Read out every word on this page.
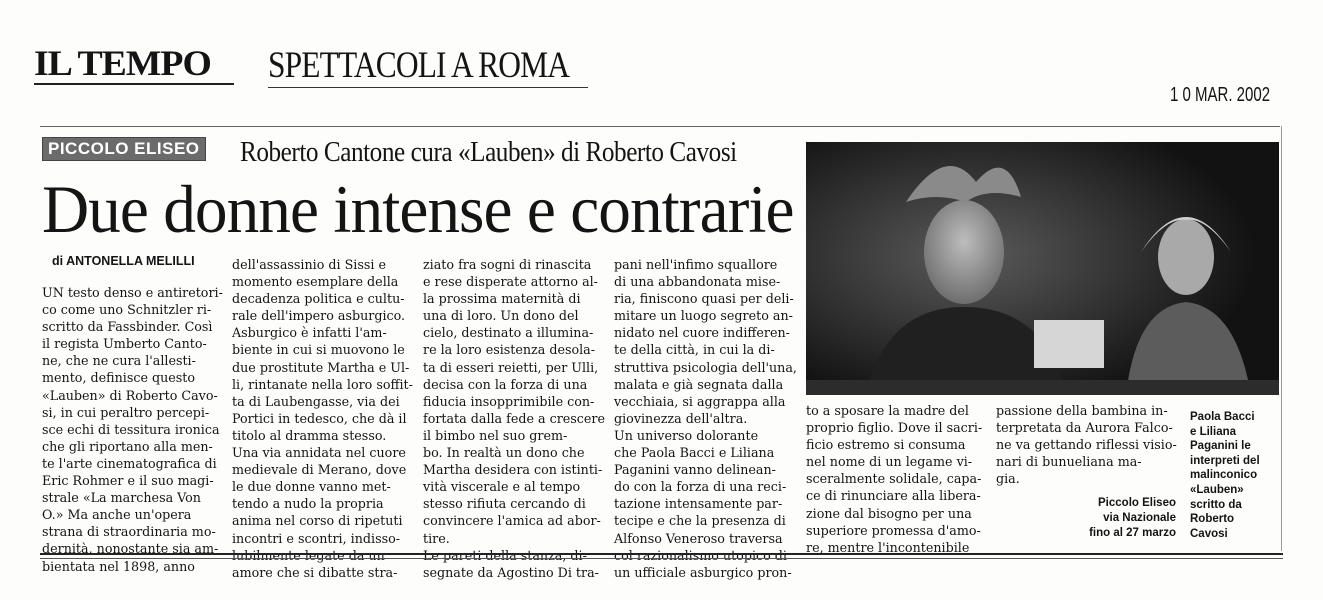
IL TEMPO SPETTACOLI A ROMA
1 0 MAR. 2002
PICCOLO ELISEO Roberto Cantone cura «Lauben» di Roberto Cavosi
Due donne intense e contrarie
di ANTONELLA MELILLI
UN testo denso e antiretori-
co come uno Schnitzler ri-
scritto da Fassbinder. Così
il regista Umberto Canto-
ne, che ne cura l'allesti-
mento, definisce questo
«Lauben» di Roberto Cavo-
si, in cui peraltro percepi-
sce echi di tessitura ironica
che gli riportano alla men-
te l'arte cinematografica di
Eric Rohmer e il suo magi-
strale «La marchesa Von
O.» Ma anche un'opera
strana di straordinaria mo-
dernità, nonostante sia am-
bientata nel 1898, anno
dell'assassinio di Sissi e
momento esemplare della
decadenza politica e cultu-
rale dell'impero asburgico.
Asburgico è infatti l'am-
biente in cui si muovono le
due prostitute Martha e Ul-
li, rintanate nella loro soffit-
ta di Laubengasse, via dei
Portici in tedesco, che dà il
titolo al dramma stesso.
Una via annidata nel cuore
medievale di Merano, dove
le due donne vanno met-
tendo a nudo la propria
anima nel corso di ripetuti
incontri e scontri, indisso-
lubilmente legate da un
amore che si dibatte stra-
ziato fra sogni di rinascita
e rese disperate attorno al-
la prossima maternità di
una di loro. Un dono del
cielo, destinato a illumina-
re la loro esistenza desola-
ta di esseri reietti, per Ulli,
decisa con la forza di una
fiducia insopprimibile con-
fortata dalla fede a crescere
il bimbo nel suo grem-
bo. In realtà un dono che
Martha desidera con istinti-
vità viscerale e al tempo
stesso rifiuta cercando di
convincere l'amica ad abor-
tire.
Le pareti della stanza, di-
segnate da Agostino Di tra-
pani nell'infimo squallore
di una abbandonata mise-
ria, finiscono quasi per deli-
mitare un luogo segreto an-
nidato nel cuore indifferen-
te della città, in cui la di-
struttiva psicologia dell'una,
malata e già segnata dalla
vecchiaia, si aggrappa alla
giovinezza dell'altra.
Un universo dolorante
che Paola Bacci e Liliana
Paganini vanno delinean-
do con la forza di una reci-
tazione intensamente par-
tecipe e che la presenza di
Alfonso Veneroso traversa
col razionalismo utopico di
un ufficiale asburgico pron-
to a sposare la madre del
proprio figlio. Dove il sacri-
ficio estremo si consuma
nel nome di un legame vi-
sceralmente solidale, capa-
ce di rinunciare alla libera-
zione dal bisogno per una
superiore promessa d'amo-
re, mentre l'incontenibile
passione della bambina in-
terpretata da Aurora Falco-
ne va gettando riflessi visio-
nari di bunueliana ma-
gia.
Piccolo Eliseo
via Nazionale
fino al 27 marzo
Paola Bacci
e Liliana
Paganini le
interpreti del
malinconico
«Lauben»
scritto da
Roberto
Cavosi
